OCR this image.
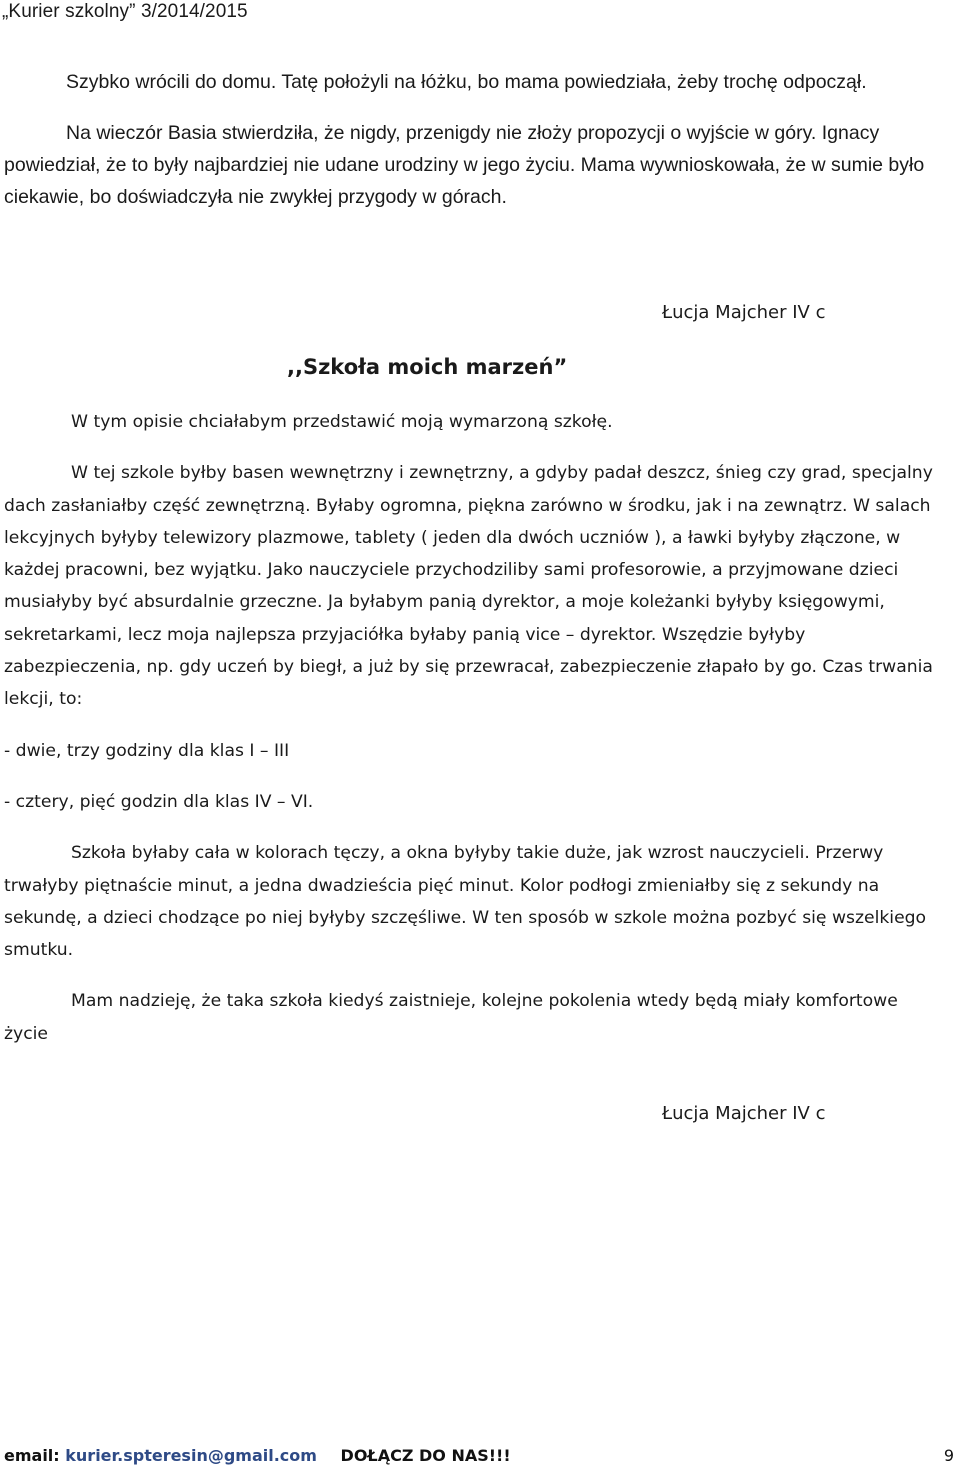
„Kurier szkolny” 3/2014/2015

Szybko wrócili do domu. Tatę położyli na łóżku, bo mama powiedziała, żeby trochę odpoczął.

Na wieczór Basia stwierdziła, że nigdy, przenigdy nie złoży propozycji o wyjście w góry. Ignacy powiedział, że to były najbardziej nie udane urodziny w jego życiu. Mama wywnioskowała, że w sumie było ciekawie, bo doświadczyła nie zwykłej przygody w górach.

Łucja Majcher IV c
,,Szkoła moich marzeń”

W tym opisie chciałabym przedstawić moją wymarzoną szkołę.

W tej szkole byłby basen wewnętrzny i zewnętrzny, a gdyby padał deszcz, śnieg czy grad, specjalny dach zasłaniałby część zewnętrzną. Byłaby ogromna, piękna zarówno w środku, jak i na zewnątrz. W salach lekcyjnych byłyby telewizory plazmowe, tablety ( jeden dla dwóch uczniów ), a ławki byłyby złączone, w każdej pracowni, bez wyjątku. Jako nauczyciele przychodziliby sami profesorowie, a przyjmowane dzieci musiałyby być absurdalnie grzeczne. Ja byłabym panią dyrektor, a moje koleżanki byłyby księgowymi, sekretarkami, lecz moja najlepsza przyjaciółka byłaby panią vice – dyrektor. Wszędzie byłyby zabezpieczenia, np. gdy uczeń by biegł, a już by się przewracał, zabezpieczenie złapało by go. Czas trwania lekcji, to:

- dwie, trzy godziny dla klas I – III

- cztery, pięć godzin dla klas IV – VI.

Szkoła byłaby cała w kolorach tęczy, a okna byłyby takie duże, jak wzrost nauczycieli. Przerwy trwałyby piętnaście minut, a jedna dwadzieścia pięć minut. Kolor podłogi zmieniałby się z sekundy na sekundę, a dzieci chodzące po niej byłyby szczęśliwe. W ten sposób w szkole można pozbyć się wszelkiego smutku.

Mam nadzieję, że taka szkoła kiedyś zaistnieje, kolejne pokolenia wtedy będą miały komfortowe życie

Łucja Majcher IV c
email: kurier.spteresin@gmail.com DOŁĄCZ DO NAS!!!	9
